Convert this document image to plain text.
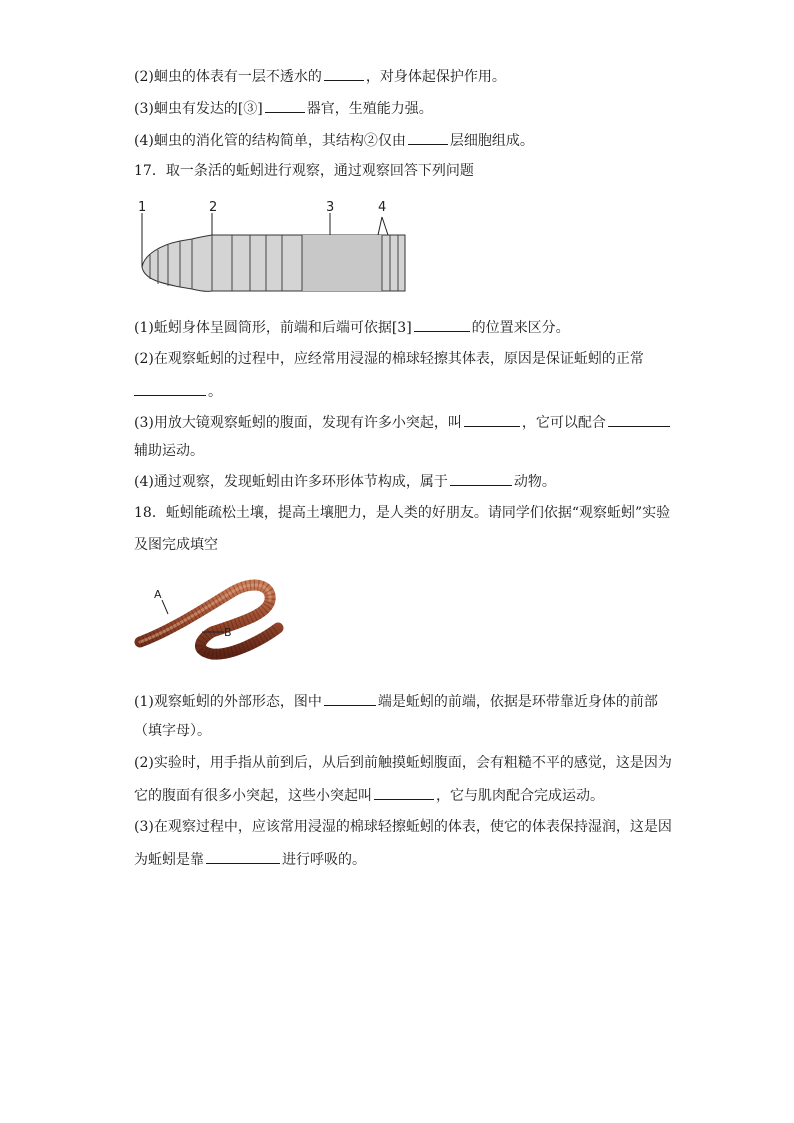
(2)蛔虫的体表有一层不透水的	，对身体起保护作用。
(3)蛔虫有发达的[③]	器官，生殖能力强。
(4)蛔虫的消化管的结构简单，其结构②仅由	层细胞组成。
17．取一条活的蚯蚓进行观察，通过观察回答下列问题
1	2	3	4
(1)蚯蚓身体呈圆筒形，前端和后端可依据[3]	的位置来区分。
(2)在观察蚯蚓的过程中，应经常用浸湿的棉球轻擦其体表，原因是保证蚯蚓的正常
。
(3)用放大镜观察蚯蚓的腹面，发现有许多小突起，叫	，它可以配合
辅助运动。
(4)通过观察，发现蚯蚓由许多环形体节构成，属于	动物。
18．蚯蚓能疏松土壤，提高土壤肥力，是人类的好朋友。请同学们依据“观察蚯蚓”实验
及图完成填空
A
B
(1)观察蚯蚓的外部形态，图中	端是蚯蚓的前端，依据是环带靠近身体的前部
（填字母）。
(2)实验时，用手指从前到后，从后到前触摸蚯蚓腹面，会有粗糙不平的感觉，这是因为
它的腹面有很多小突起，这些小突起叫	，它与肌肉配合完成运动。
(3)在观察过程中，应该常用浸湿的棉球轻擦蚯蚓的体表，使它的体表保持湿润，这是因
为蚯蚓是靠	进行呼吸的。
